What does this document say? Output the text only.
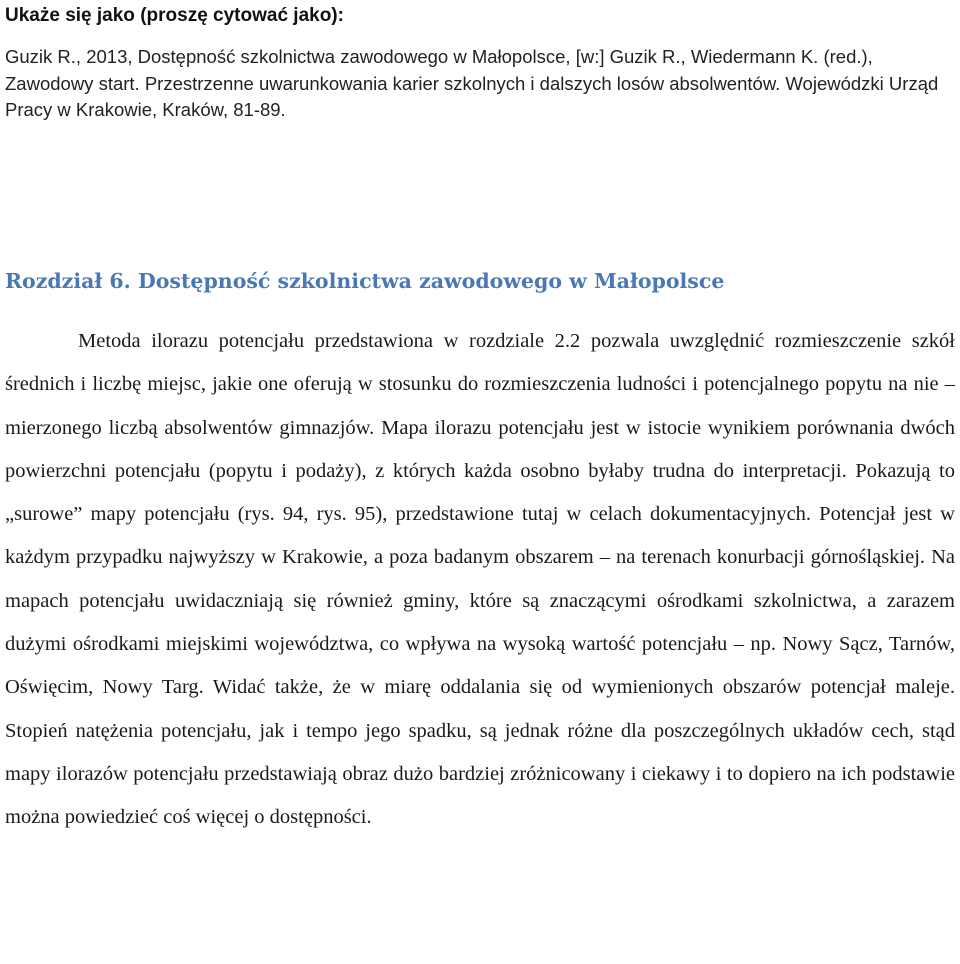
Ukaże się jako (proszę cytować jako):

Guzik R., 2013, Dostępność szkolnictwa zawodowego w Małopolsce, [w:] Guzik R., Wiedermann K. (red.), Zawodowy start. Przestrzenne uwarunkowania karier szkolnych i dalszych losów absolwentów. Wojewódzki Urząd Pracy w Krakowie, Kraków, 81-89.

Rozdział 6. Dostępność szkolnictwa zawodowego w Małopolsce

Metoda ilorazu potencjału przedstawiona w rozdziale 2.2 pozwala uwzględnić rozmieszczenie szkół średnich i liczbę miejsc, jakie one oferują w stosunku do rozmieszczenia ludności i potencjalnego popytu na nie – mierzonego liczbą absolwentów gimnazjów. Mapa ilorazu potencjału jest w istocie wynikiem porównania dwóch powierzchni potencjału (popytu i podaży), z których każda osobno byłaby trudna do interpretacji. Pokazują to „surowe” mapy potencjału (rys. 94, rys. 95), przedstawione tutaj w celach dokumentacyjnych. Potencjał jest w każdym przypadku najwyższy w Krakowie, a poza badanym obszarem – na terenach konurbacji górnośląskiej. Na mapach potencjału uwidaczniają się również gminy, które są znaczącymi ośrodkami szkolnictwa, a zarazem dużymi ośrodkami miejskimi województwa, co wpływa na wysoką wartość potencjału – np. Nowy Sącz, Tarnów, Oświęcim, Nowy Targ. Widać także, że w miarę oddalania się od wymienionych obszarów potencjał maleje. Stopień natężenia potencjału, jak i tempo jego spadku, są jednak różne dla poszczególnych układów cech, stąd mapy ilorazów potencjału przedstawiają obraz dużo bardziej zróżnicowany i ciekawy i to dopiero na ich podstawie można powiedzieć coś więcej o dostępności.
